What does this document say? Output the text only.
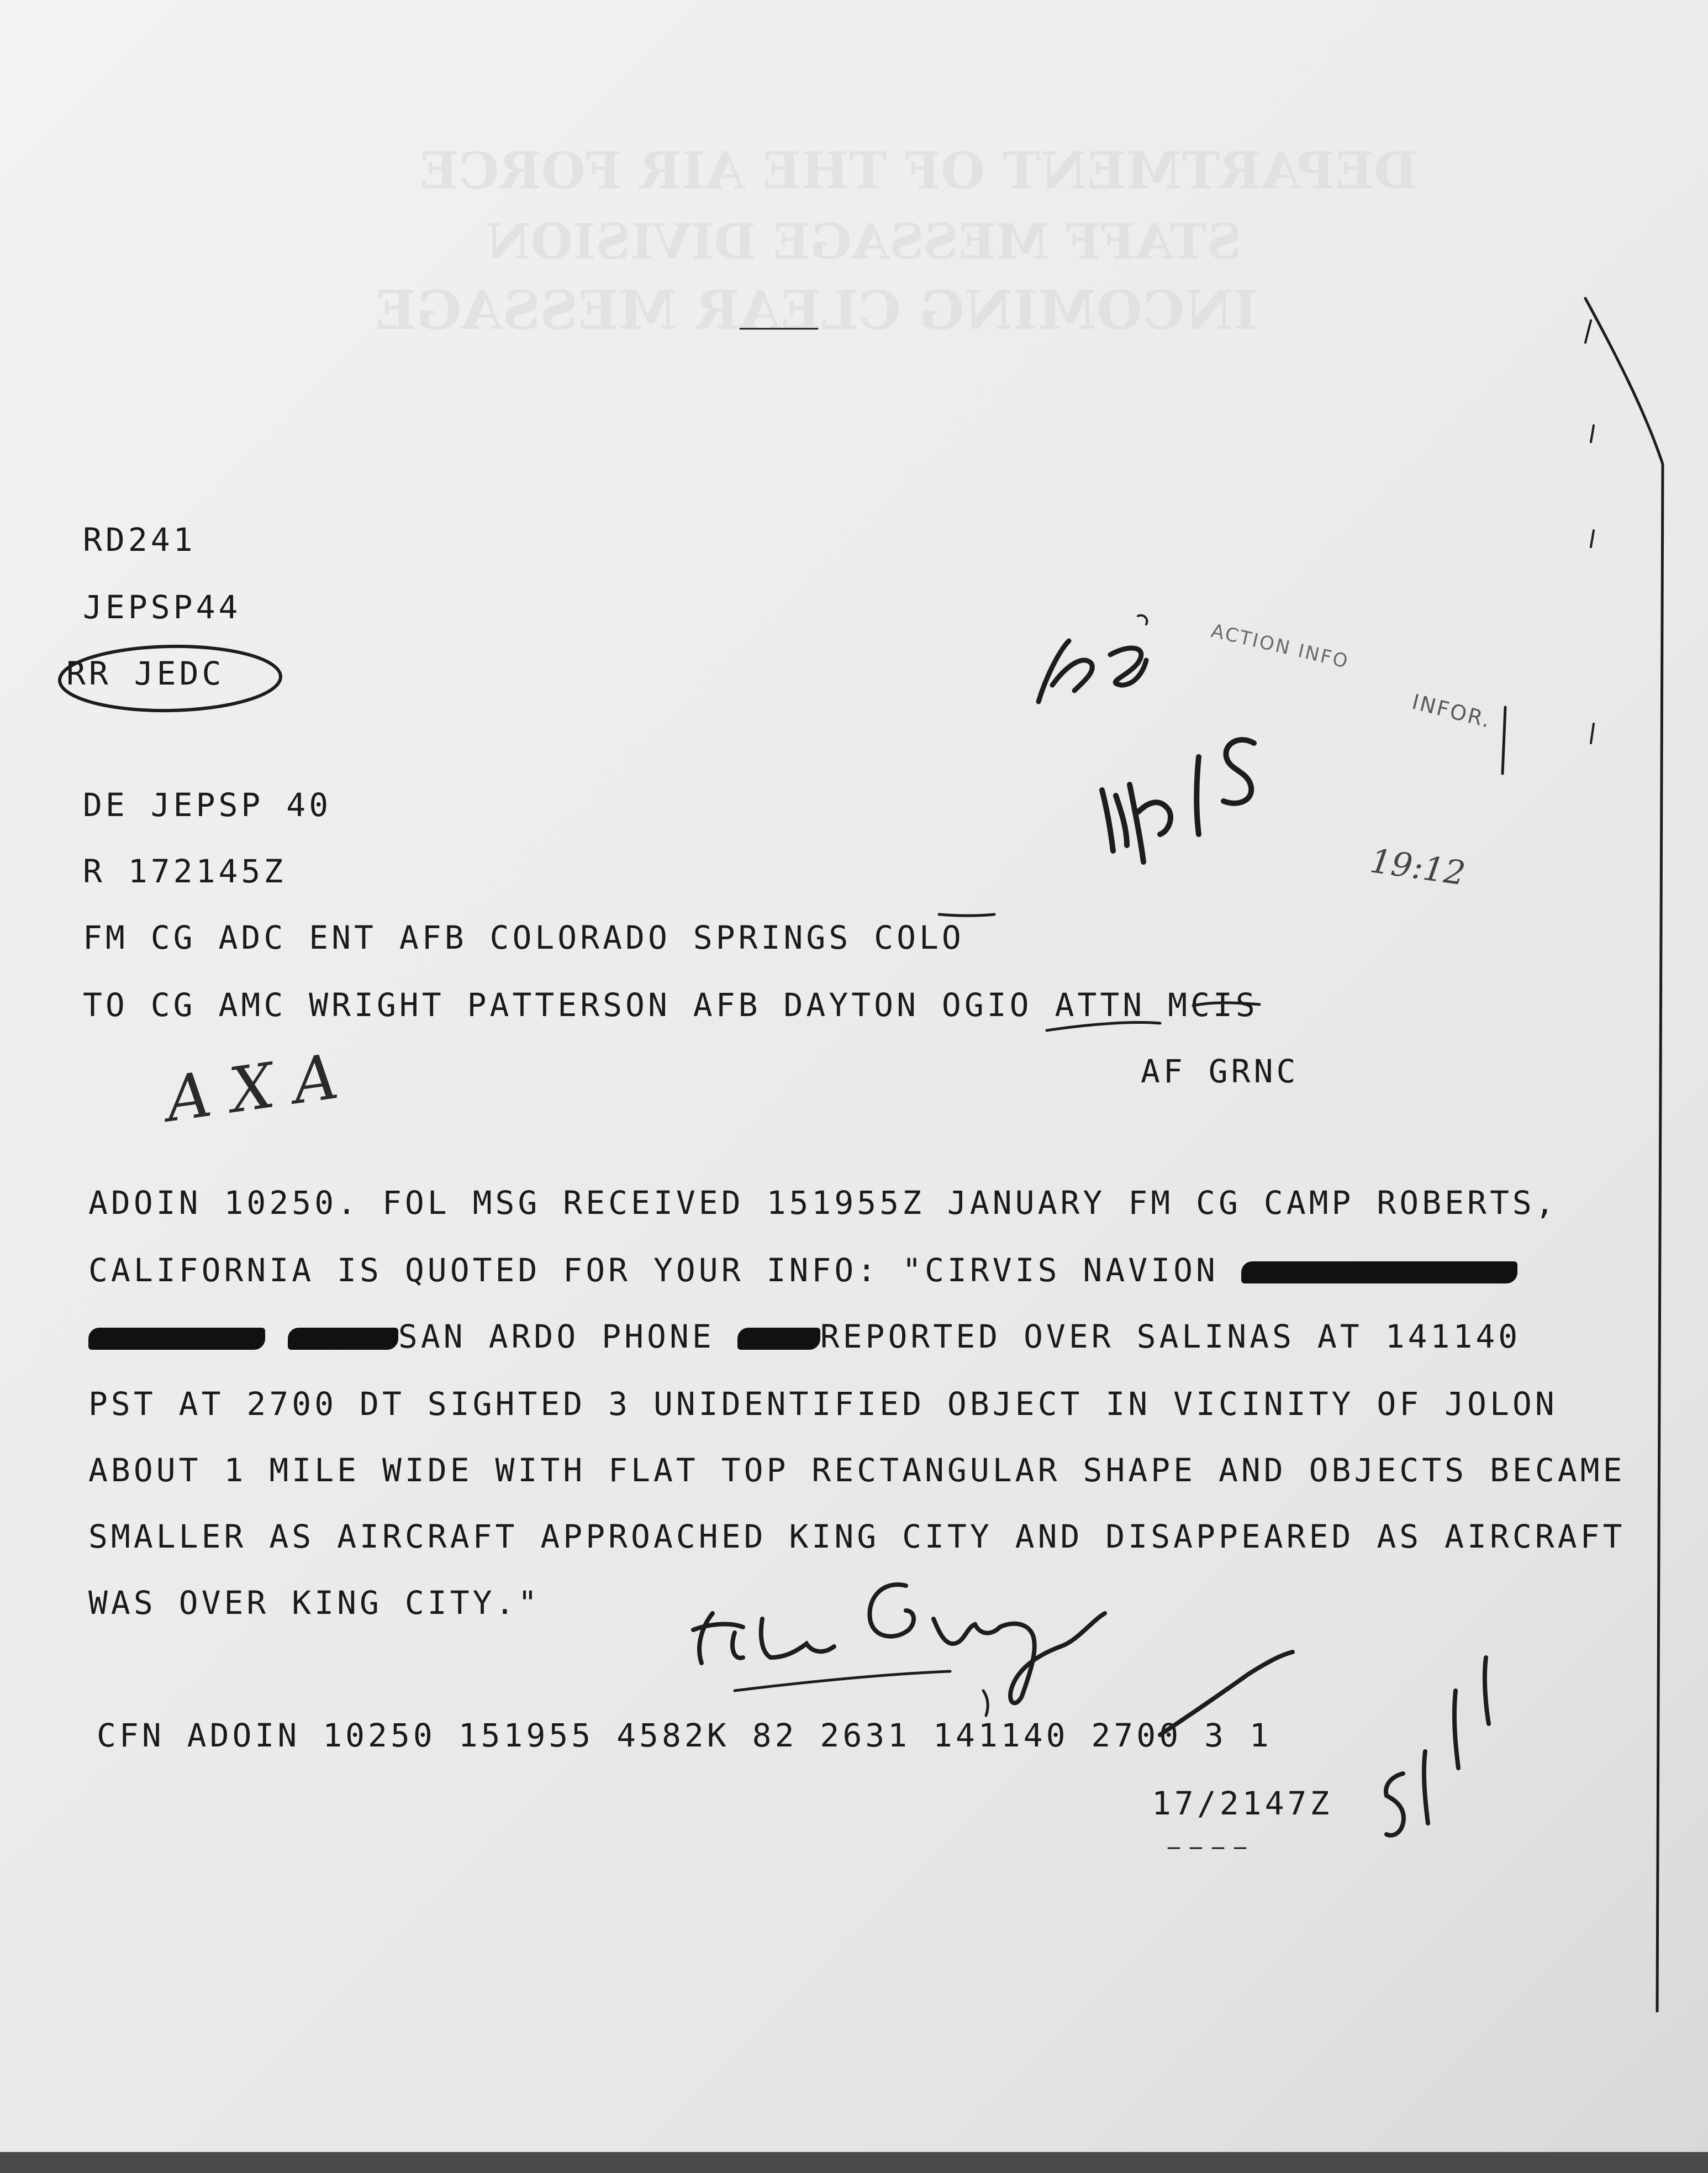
DEPARTMENT OF THE AIR FORCE
STAFF MESSAGE DIVISION
INCOMING CLEAR MESSAGE
RD241
JEPSP44
RR JEDC
DE JEPSP 40
R 172145Z
FM CG ADC ENT AFB COLORADO SPRINGS COLO
TO CG AMC WRIGHT PATTERSON AFB DAYTON OGIO ATTN MCIS
AF GRNC
ADOIN 10250. FOL MSG RECEIVED 151955Z JANUARY FM CG CAMP ROBERTS,
CALIFORNIA IS QUOTED FOR YOUR INFO: "CIRVIS NAVION
SAN ARDO PHONE	REPORTED OVER SALINAS AT 141140
PST AT 2700 DT SIGHTED 3 UNIDENTIFIED OBJECT IN VICINITY OF JOLON
ABOUT 1 MILE WIDE WITH FLAT TOP RECTANGULAR SHAPE AND OBJECTS BECAME
SMALLER AS AIRCRAFT APPROACHED KING CITY AND DISAPPEARED AS AIRCRAFT
WAS OVER KING CITY."
CFN ADOIN 10250 151955 4582K 82 2631 141140 2700 3 1
17/2147Z
ACTION INFO
INFOR.
A X A
19:12
